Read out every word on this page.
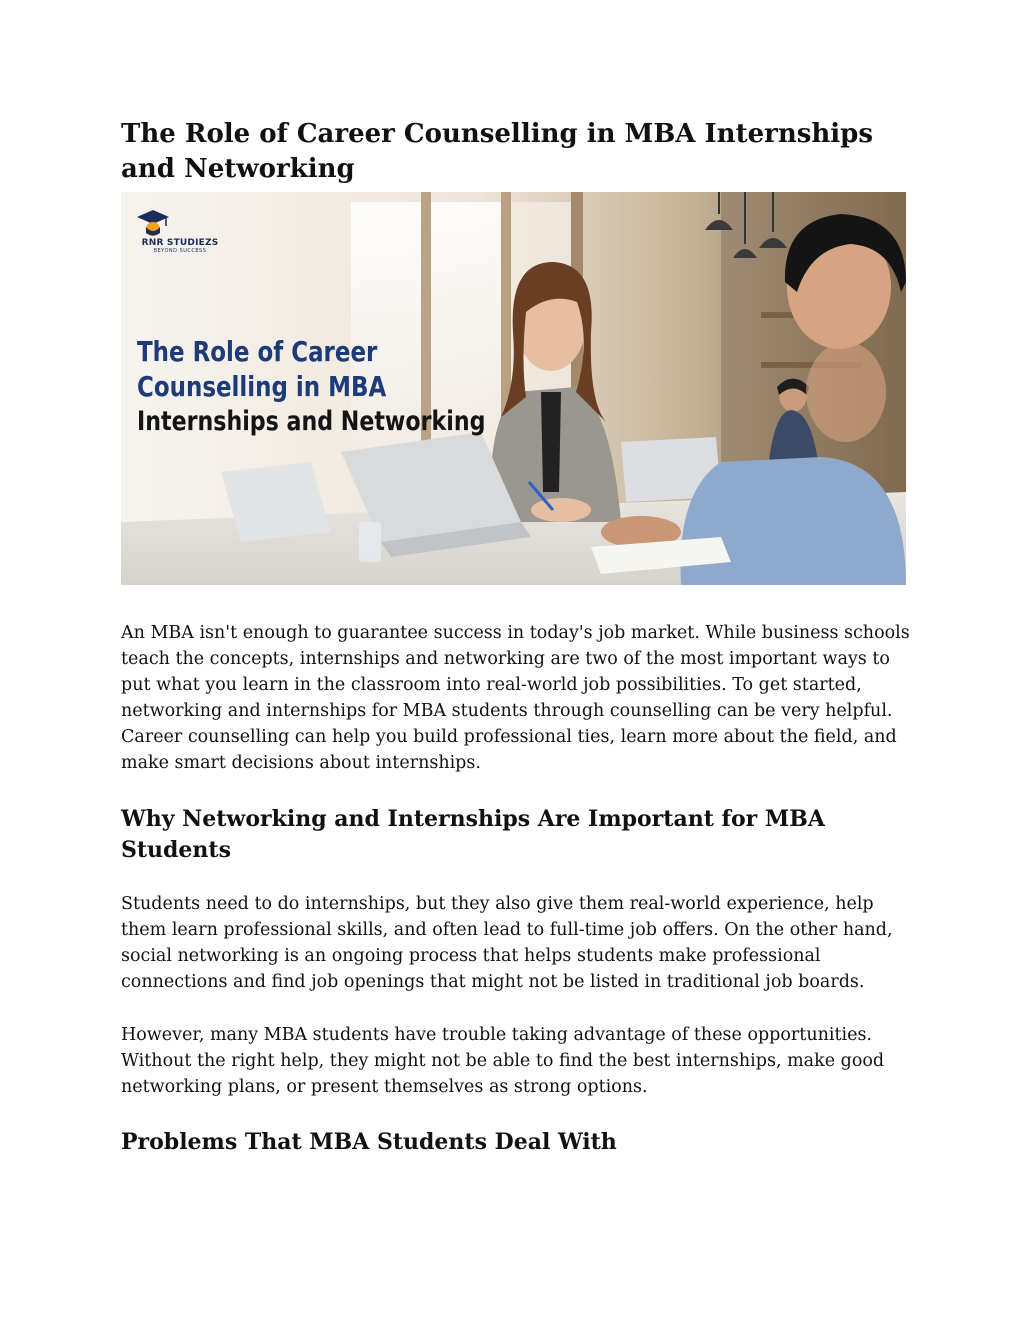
The Role of Career Counselling in MBA Internships and Networking
RNR STUDIEZS
BEYOND SUCCESS
The Role of Career
Counselling in MBA
Internships and Networking

An MBA isn't enough to guarantee success in today's job market. While business schools teach the concepts, internships and networking are two of the most important ways to put what you learn in the classroom into real-world job possibilities. To get started, networking and internships for MBA students through counselling can be very helpful. Career counselling can help you build professional ties, learn more about the field, and make smart decisions about internships.

Why Networking and Internships Are Important for MBA Students

Students need to do internships, but they also give them real-world experience, help them learn professional skills, and often lead to full-time job offers. On the other hand, social networking is an ongoing process that helps students make professional connections and find job openings that might not be listed in traditional job boards.

However, many MBA students have trouble taking advantage of these opportunities. Without the right help, they might not be able to find the best internships, make good networking plans, or present themselves as strong options.

Problems That MBA Students Deal With
